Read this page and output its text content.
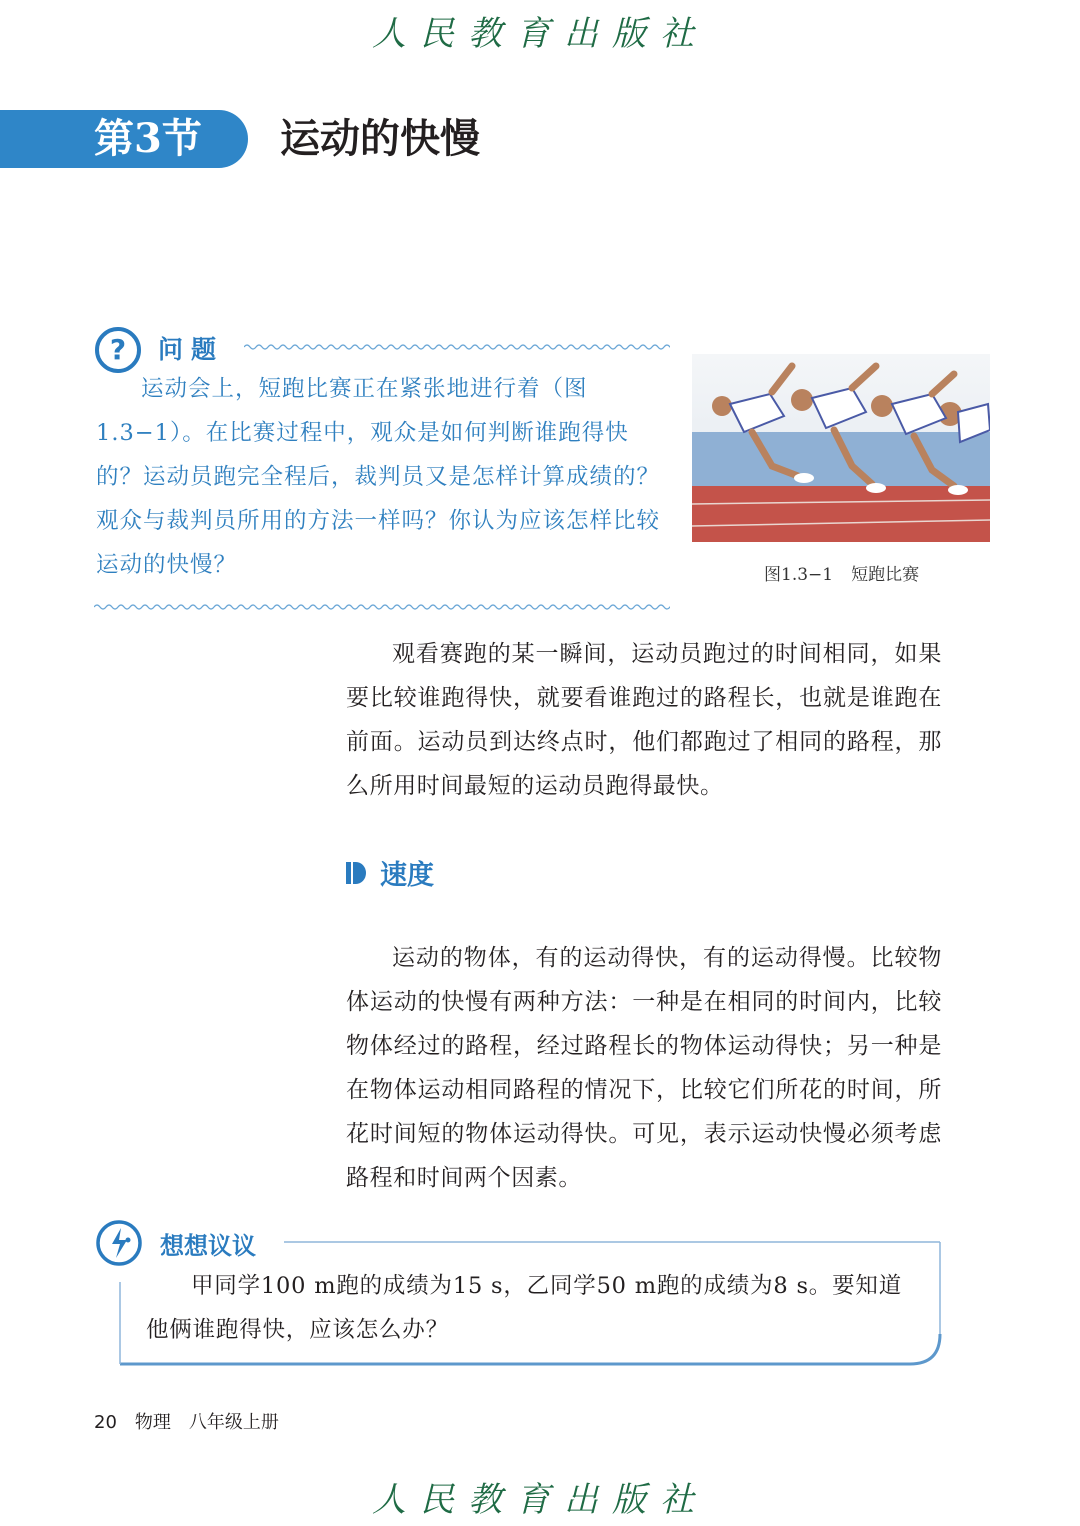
人民教育出版社
第3节 运动的快慢
? 问题

运动会上，短跑比赛正在紧张地进行着（图1.3−1）。在比赛过程中，观众是如何判断谁跑得快的？运动员跑完全程后，裁判员又是怎样计算成绩的？观众与裁判员所用的方法一样吗？你认为应该怎样比较运动的快慢？	图1.3−1 短跑比赛

观看赛跑的某一瞬间，运动员跑过的时间相同，如果要比较谁跑得快，就要看谁跑过的路程长，也就是谁跑在前面。运动员到达终点时，他们都跑过了相同的路程，那么所用时间最短的运动员跑得最快。

速度

运动的物体，有的运动得快，有的运动得慢。比较物体运动的快慢有两种方法：一种是在相同的时间内，比较物体经过的路程，经过路程长的物体运动得快；另一种是在物体运动相同路程的情况下，比较它们所花的时间，所花时间短的物体运动得快。可见，表示运动快慢必须考虑路程和时间两个因素。

想想议议

甲同学100 m跑的成绩为15 s，乙同学50 m跑的成绩为8 s。要知道他俩谁跑得快，应该怎么办？

20 物理 八年级上册
人民教育出版社
